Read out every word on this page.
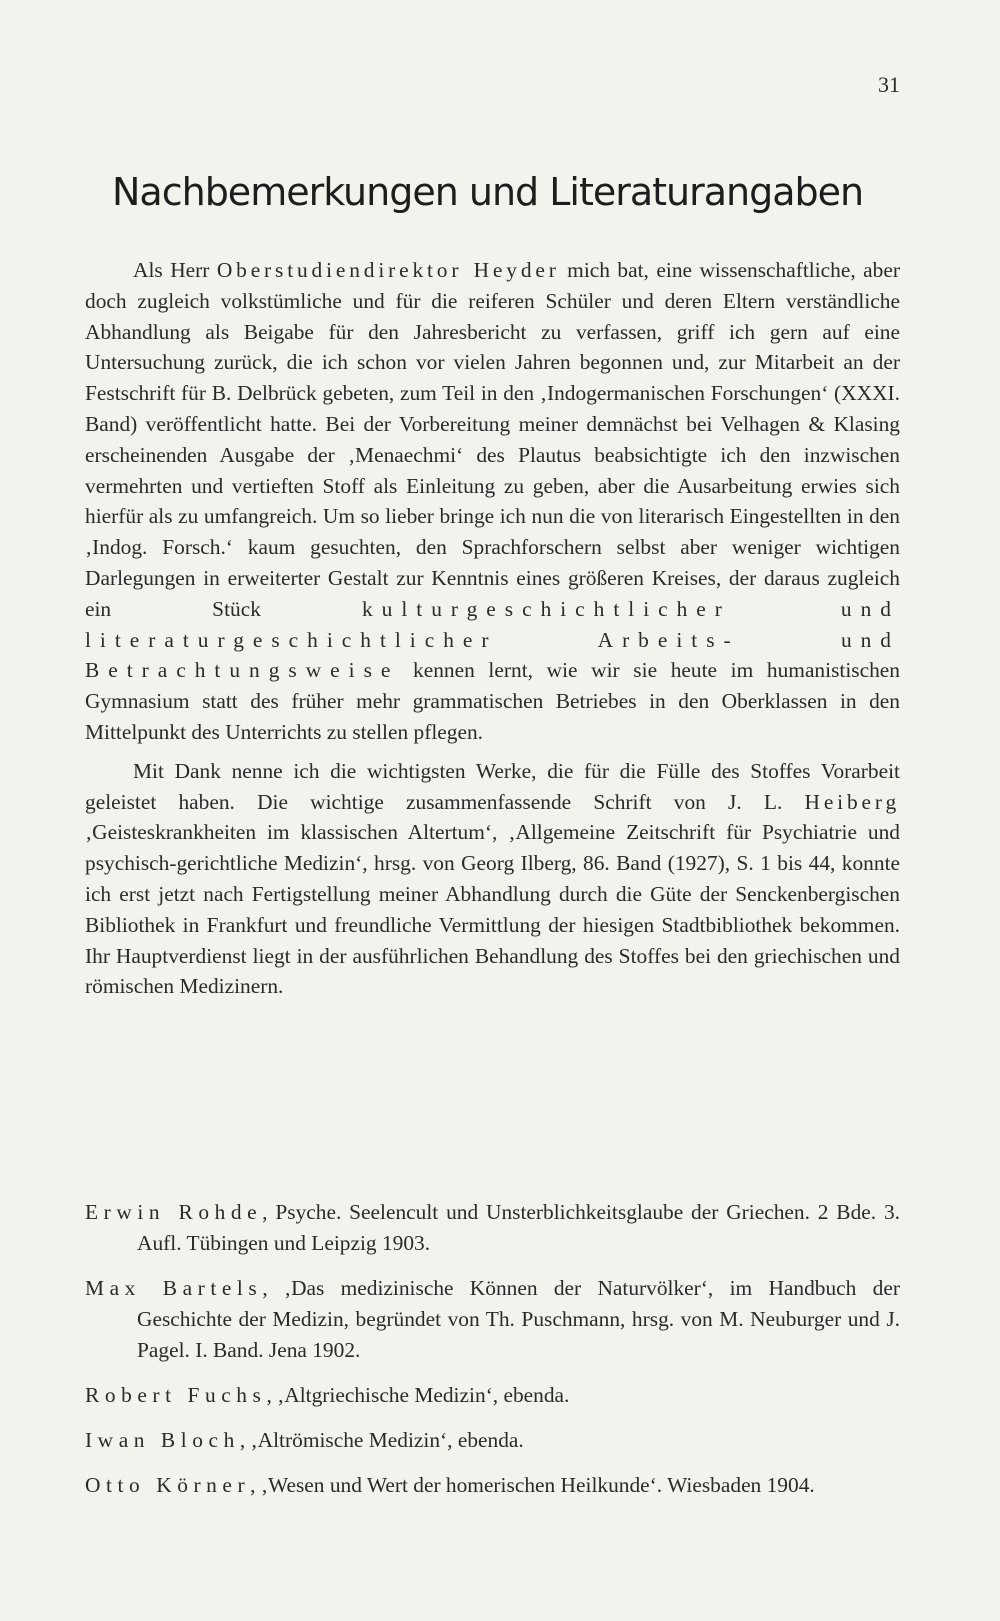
31
Nachbemerkungen und Literaturangaben

Als Herr Oberstudiendirektor Heyder mich bat, eine wissenschaftliche, aber doch zugleich volkstümliche und für die reiferen Schüler und deren Eltern verständliche Abhandlung als Beigabe für den Jahresbericht zu verfassen, griff ich gern auf eine Untersuchung zurück, die ich schon vor vielen Jahren begonnen und, zur Mitarbeit an der Festschrift für B. Delbrück gebeten, zum Teil in den ‚Indogermanischen Forschungen‘ (XXXI. Band) veröffentlicht hatte. Bei der Vorbereitung meiner demnächst bei Velhagen & Klasing erscheinenden Ausgabe der ‚Menaechmi‘ des Plautus beabsichtigte ich den inzwischen vermehrten und vertieften Stoff als Einleitung zu geben, aber die Ausarbeitung erwies sich hierfür als zu umfangreich. Um so lieber bringe ich nun die von literarisch Eingestellten in den ‚Indog. Forsch.‘ kaum gesuchten, den Sprachforschern selbst aber weniger wichtigen Darlegungen in erweiterter Gestalt zur Kenntnis eines größeren Kreises, der daraus zugleich ein Stück kulturgeschichtlicher und literaturgeschichtlicher Arbeits- und Betrachtungsweise kennen lernt, wie wir sie heute im humanistischen Gymnasium statt des früher mehr grammatischen Betriebes in den Oberklassen in den Mittelpunkt des Unterrichts zu stellen pflegen.

Mit Dank nenne ich die wichtigsten Werke, die für die Fülle des Stoffes Vorarbeit geleistet haben. Die wichtige zusammenfassende Schrift von J. L. Heiberg ‚Geisteskrankheiten im klassischen Altertum‘, ‚Allgemeine Zeitschrift für Psychiatrie und psychisch-gerichtliche Medizin‘, hrsg. von Georg Ilberg, 86. Band (1927), S. 1 bis 44, konnte ich erst jetzt nach Fertigstellung meiner Abhandlung durch die Güte der Senckenbergischen Bibliothek in Frankfurt und freundliche Vermittlung der hiesigen Stadtbibliothek bekommen. Ihr Hauptverdienst liegt in der ausführlichen Behandlung des Stoffes bei den griechischen und römischen Medizinern.

Erwin Rohde, Psyche. Seelencult und Unsterblichkeitsglaube der Griechen. 2 Bde. 3. Aufl. Tübingen und Leipzig 1903.
Max Bartels, ‚Das medizinische Können der Naturvölker‘, im Handbuch der Geschichte der Medizin, begründet von Th. Puschmann, hrsg. von M. Neuburger und J. Pagel. I. Band. Jena 1902.
Robert Fuchs, ‚Altgriechische Medizin‘, ebenda.
Iwan Bloch, ‚Altrömische Medizin‘, ebenda.
Otto Körner, ‚Wesen und Wert der homerischen Heilkunde‘. Wiesbaden 1904.
